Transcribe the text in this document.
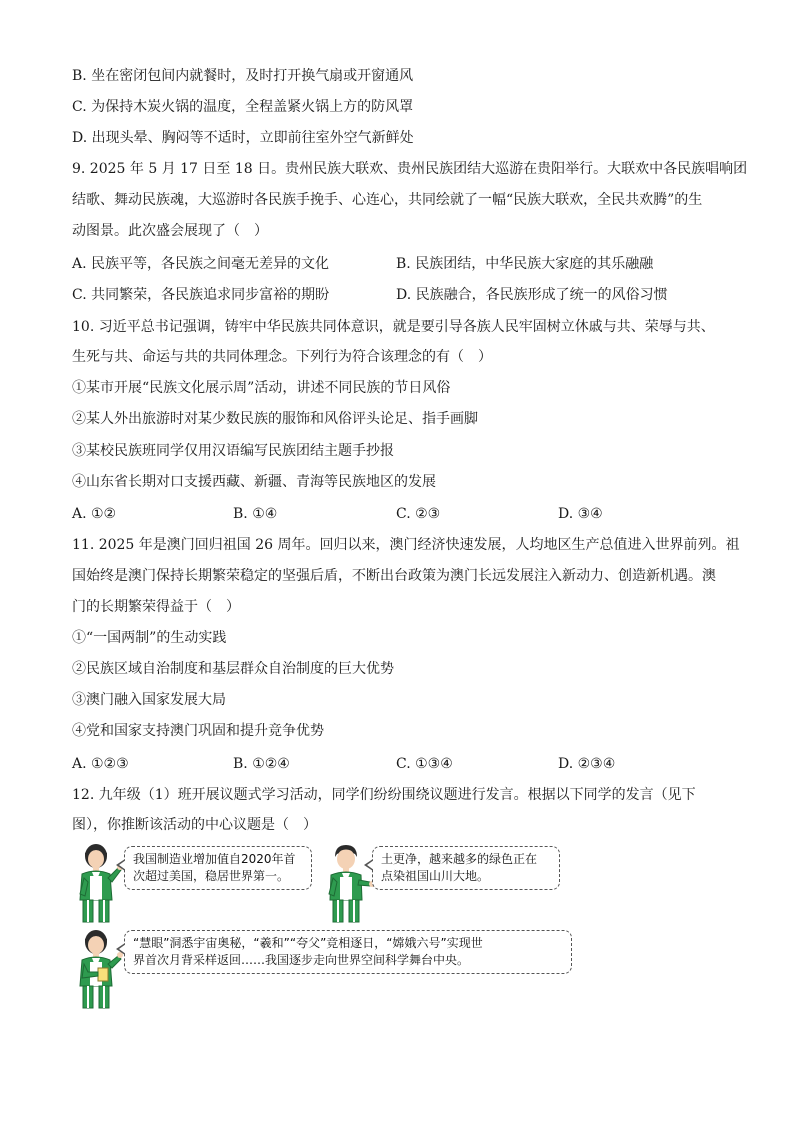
B. 坐在密闭包间内就餐时，及时打开换气扇或开窗通风
C. 为保持木炭火锅的温度，全程盖紧火锅上方的防风罩
D. 出现头晕、胸闷等不适时，立即前往室外空气新鲜处
9. 2025 年 5 月 17 日至 18 日。贵州民族大联欢、贵州民族团结大巡游在贵阳举行。大联欢中各民族唱响团
结歌、舞动民族魂，大巡游时各民族手挽手、心连心，共同绘就了一幅“民族大联欢，全民共欢腾”的生
动图景。此次盛会展现了（　）
A. 民族平等，各民族之间毫无差异的文化	B. 民族团结，中华民族大家庭的其乐融融
C. 共同繁荣，各民族追求同步富裕的期盼	D. 民族融合，各民族形成了统一的风俗习惯
10. 习近平总书记强调，铸牢中华民族共同体意识，就是要引导各族人民牢固树立休戚与共、荣辱与共、
生死与共、命运与共的共同体理念。下列行为符合该理念的有（　）
①某市开展“民族文化展示周”活动，讲述不同民族的节日风俗
②某人外出旅游时对某少数民族的服饰和风俗评头论足、指手画脚
③某校民族班同学仅用汉语编写民族团结主题手抄报
④山东省长期对口支援西藏、新疆、青海等民族地区的发展
A. ①②	B. ①④	C. ②③	D. ③④
11. 2025 年是澳门回归祖国 26 周年。回归以来，澳门经济快速发展，人均地区生产总值进入世界前列。祖
国始终是澳门保持长期繁荣稳定的坚强后盾，不断出台政策为澳门长远发展注入新动力、创造新机遇。澳
门的长期繁荣得益于（　）
①“一国两制”的生动实践
②民族区域自治制度和基层群众自治制度的巨大优势
③澳门融入国家发展大局
④党和国家支持澳门巩固和提升竞争优势
A. ①②③	B. ①②④	C. ①③④	D. ②③④
12. 九年级（1）班开展议题式学习活动，同学们纷纷围绕议题进行发言。根据以下同学的发言（见下
图），你推断该活动的中心议题是（　）
我国制造业增加值自2020年首
次超过美国，稳居世界第一。
土更净，越来越多的绿色正在
点染祖国山川大地。
“慧眼”洞悉宇宙奥秘，“羲和”“夸父”竞相逐日，“嫦娥六号”实现世
界首次月背采样返回……我国逐步走向世界空间科学舞台中央。
